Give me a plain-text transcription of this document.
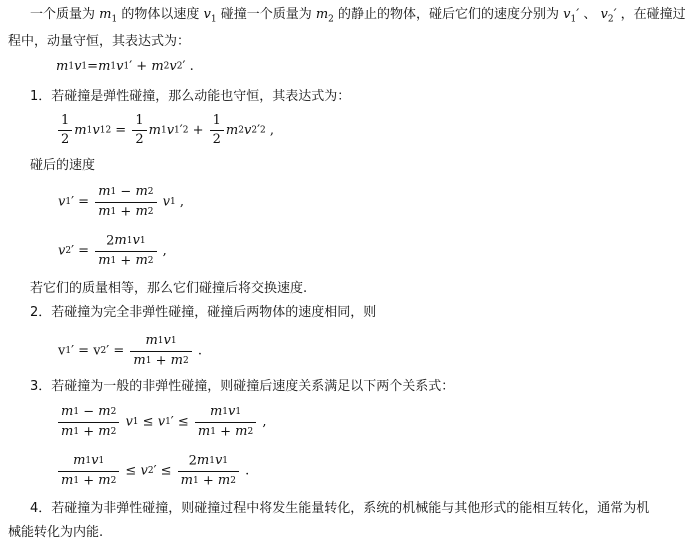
一个质量为 $m_1$ 的物体以速度 $v_1$ 碰撞一个质量为 $m_2$ 的静止的物体，碰后它们的速度分别为 $v_1'$ 、 $v_2'$ ，在碰撞过
程中，动量守恒，其表达式为：
m1v1=m1v1′ + m2v2′ .
1．若碰撞是弹性碰撞，那么动能也守恒，其表达式为：
$\frac{1}{2} m1v12 = \frac{1}{2} m1v1'2 + \frac{1}{2} m2v2'2$ ,
碰后的速度
$v1' = \frac{m1 - m2}{m1 + m2} v1$ ,
$v2' = \frac{2m1v1}{m1 + m2}$ ,
若它们的质量相等，那么它们碰撞后将交换速度.
2．若碰撞为完全非弹性碰撞，碰撞后两物体的速度相同，则
$v1' = v2' = \frac{m1v1}{m1 + m2}$ .
3．若碰撞为一般的非弹性碰撞，则碰撞后速度关系满足以下两个关系式：
$\frac{m1 - m2}{m1 + m2} v1 \le v1' \le \frac{m1v1}{m1 + m2}$ ,
$\frac{m1v1}{m1 + m2} \le v2' \le \frac{2m1v1}{m1 + m2}$ .
4．若碰撞为非弹性碰撞，则碰撞过程中将发生能量转化，系统的机械能与其他形式的能相互转化，通常为机
械能转化为内能.
